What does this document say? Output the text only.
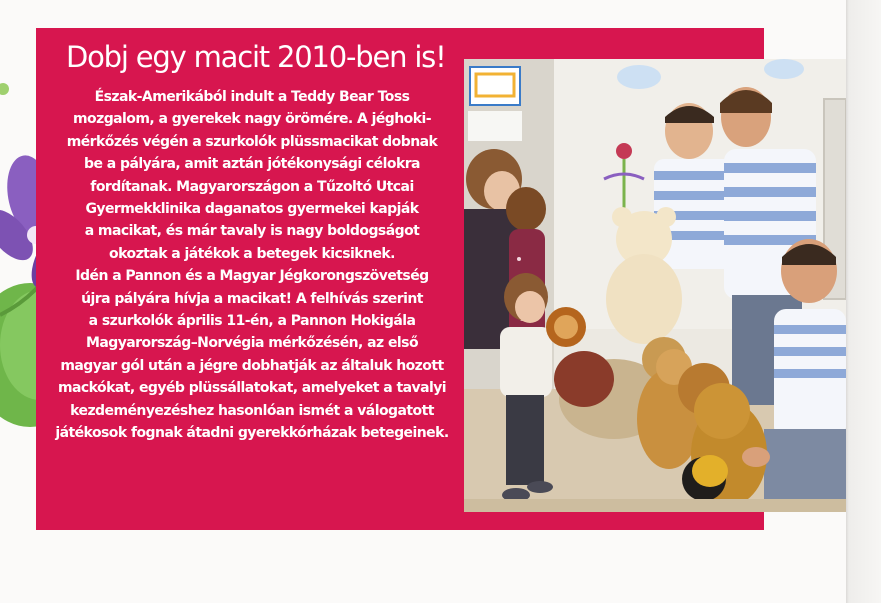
Dobj egy macit 2010-ben is!

Észak-Amerikából indult a Teddy Bear Toss
mozgalom, a gyerekek nagy örömére. A jéghoki-
mérkőzés végén a szurkolók plüssmacikat dobnak
be a pályára, amit aztán jótékonysági célokra
fordítanak. Magyarországon a Tűzoltó Utcai
Gyermekklinika daganatos gyermekei kapják
a macikat, és már tavaly is nagy boldogságot
okoztak a játékok a betegek kicsiknek.
Idén a Pannon és a Magyar Jégkorongszövetség
újra pályára hívja a macikat! A felhívás szerint
a szurkolók április 11-én, a Pannon Hokigála
Magyarország–Norvégia mérkőzésén, az első
magyar gól után a jégre dobhatják az általuk hozott
mackókat, egyéb plüssállatokat, amelyeket a tavalyi
kezdeményezéshez hasonlóan ismét a válogatott
játékosok fognak átadni gyerekkórházak betegeinek.
